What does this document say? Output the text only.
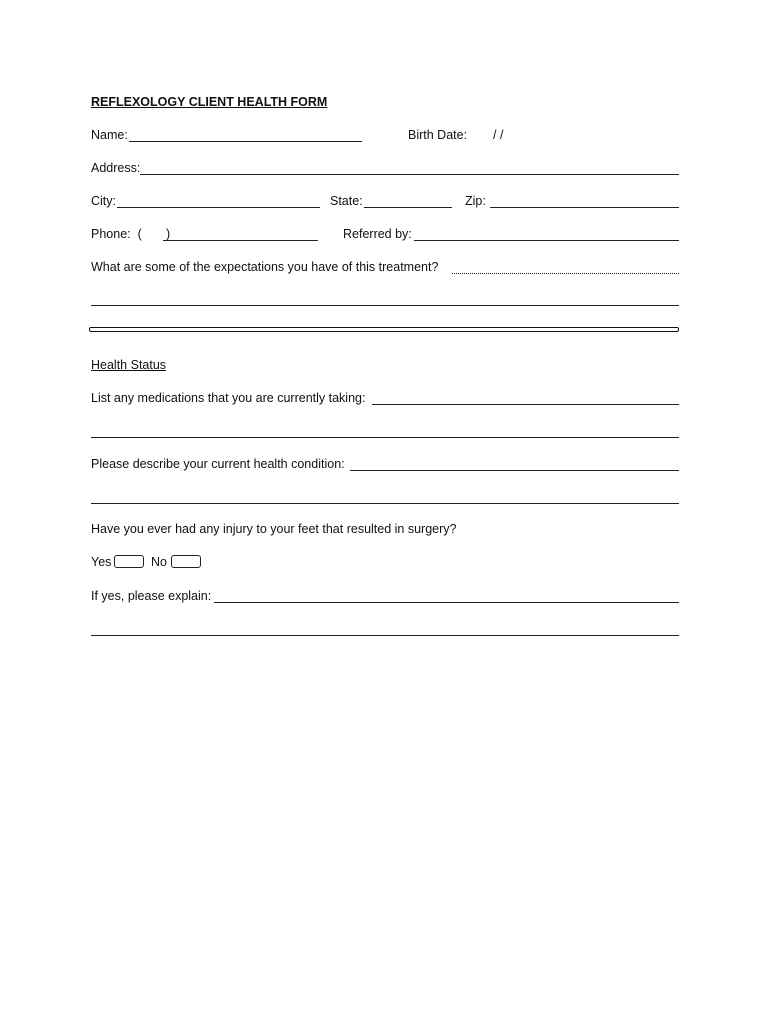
REFLEXOLOGY CLIENT HEALTH FORM
Name:	Birth Date: / /
Address:
City:	State:	Zip:
Phone:  (       )	Referred by:
What are some of the expectations you have of this treatment?
Health Status
List any medications that you are currently taking:
Please describe your current health condition:
Have you ever had any injury to your feet that resulted in surgery?
Yes	No
If yes, please explain:
